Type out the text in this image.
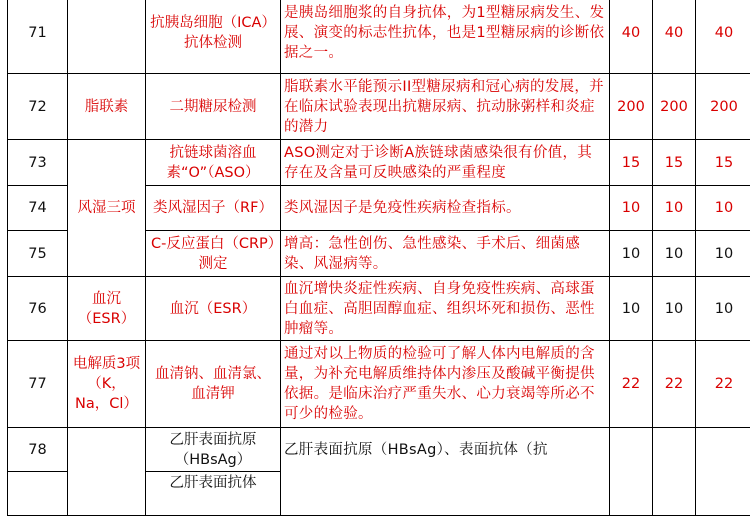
71		抗胰岛细胞（ICA）抗体检测	是胰岛细胞浆的自身抗体，为1型糖尿病发生、发展、演变的标志性抗体，也是1型糖尿病的诊断依据之一。	40	40	40
72	脂联素	二期糖尿检测	脂联素水平能预示II型糖尿病和冠心病的发展，并在临床试验表现出抗糖尿病、抗动脉粥样和炎症的潜力	200	200	200
73	风湿三项	抗链球菌溶血素“O”（ASO）	ASO测定对于诊断A族链球菌感染很有价值，其存在及含量可反映感染的严重程度	15	15	15
74		类风湿因子（RF）	类风湿因子是免疫性疾病检查指标。	10	10	10
75		C-反应蛋白（CRP）测定	增高：急性创伤、急性感染、手术后、细菌感染、风湿病等。	10	10	10
76	血沉（ESR）	血沉（ESR）	血沉增快炎症性疾病、自身免疫性疾病、高球蛋白血症、高胆固醇血症、组织坏死和损伤、恶性肿瘤等。	10	10	10
77	电解质3项（K，Na，Cl）	血清钠、血清氯、血清钾	通过对以上物质的检验可了解人体内电解质的含量，为补充电解质维持体内渗压及酸碱平衡提供依据。是临床治疗严重失水、心力衰竭等所必不可少的检验。	22	22	22
78		乙肝表面抗原（HBsAg）	乙肝表面抗原（HBsAg）、表面抗体（抗			
		乙肝表面抗体				
